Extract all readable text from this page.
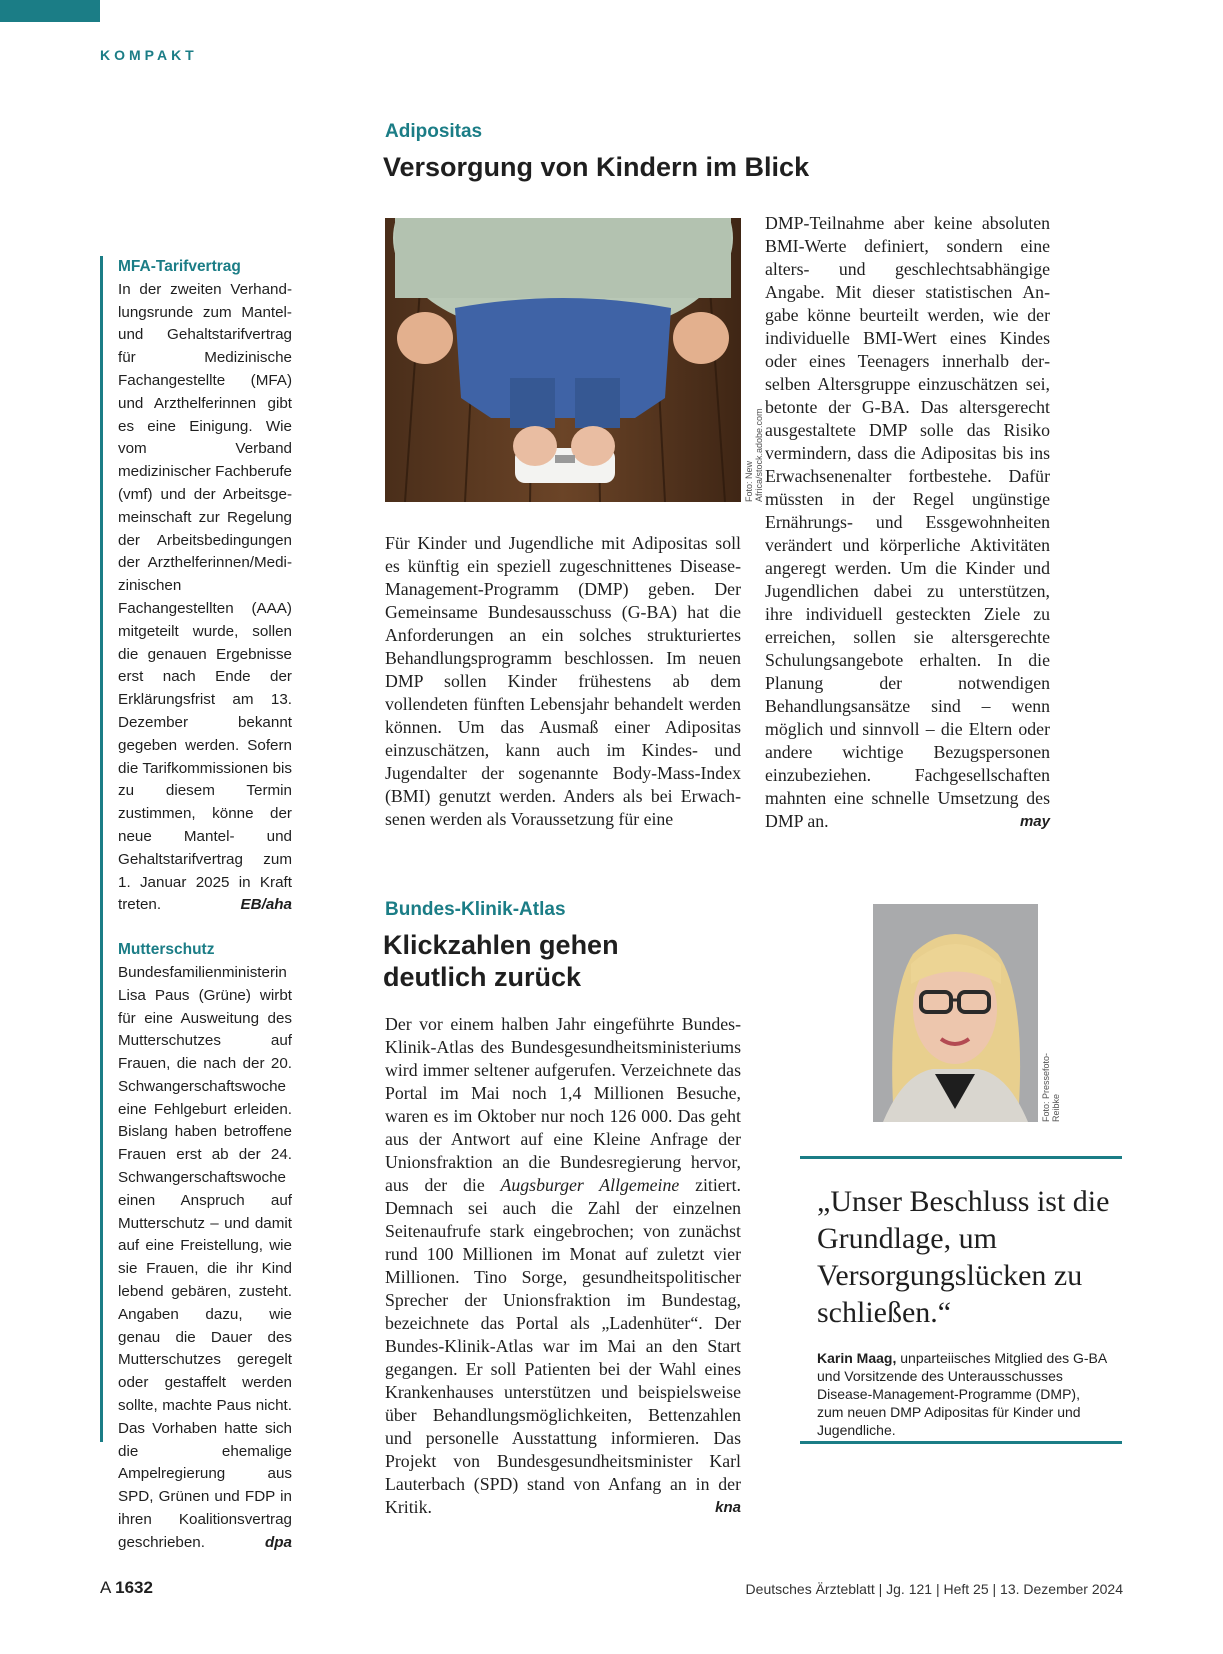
KOMPAKT
MFA-Tarifvertrag
In der zweiten Verhandlungsrunde zum Mantel- und Gehaltstarifvertrag für Medizinische Fachangestellte (MFA) und Arzthelferinnen gibt es eine Einigung. Wie vom Verband medizinischer Fachberufe (vmf) und der Arbeitsgemeinschaft zur Regelung der Arbeitsbedingungen der Arzthelferinnen/Medizinischen Fachangestellten (AAA) mitgeteilt wurde, sollen die genauen Ergebnisse erst nach Ende der Erklärungsfrist am 13. Dezember bekannt gegeben werden. Sofern die Tarifkommissionen bis zu diesem Termin zustimmen, könne der neue Mantel- und Gehaltstarifvertrag zum 1. Januar 2025 in Kraft treten.	EB/aha
Mutterschutz
Bundesfamilienministerin Lisa Paus (Grüne) wirbt für eine Ausweitung des Mutterschutzes auf Frauen, die nach der 20. Schwangerschaftswoche eine Fehlgeburt erleiden. Bislang haben betroffene Frauen erst ab der 24. Schwangerschaftswoche einen Anspruch auf Mutterschutz – und damit auf eine Freistellung, wie sie Frauen, die ihr Kind lebend gebären, zusteht. Angaben dazu, wie genau die Dauer des Mutterschutzes geregelt oder gestaffelt werden sollte, machte Paus nicht. Das Vorhaben hatte sich die ehemalige Ampelregierung aus SPD, Grünen und FDP in ihren Koalitionsvertrag geschrieben.	dpa
Adipositas
Versorgung von Kindern im Blick
Foto: New Africa/stock.adobe.com
Für Kinder und Jugendliche mit Adipositas soll es künftig ein speziell zugeschnittenes Disease-Management-Programm (DMP) geben. Der Gemeinsame Bundesausschuss (G-BA) hat die Anforderungen an ein solches strukturiertes Behandlungsprogramm beschlossen. Im neuen DMP sollen Kinder frühestens ab dem vollendeten fünften Lebensjahr behandelt werden können. Um das Ausmaß einer Adipositas einzuschätzen, kann auch im Kindes- und Jugendalter der sogenannte Body-Mass-Index (BMI) genutzt werden. Anders als bei Erwachsenen werden als Voraussetzung für eine
DMP-Teilnahme aber keine absoluten BMI-Werte definiert, sondern eine alters- und geschlechtsabhängige Angabe. Mit dieser statistischen Angabe könne beurteilt werden, wie der individuelle BMI-Wert eines Kindes oder eines Teenagers innerhalb derselben Altersgruppe einzuschätzen sei, betonte der G-BA. Das altersgerecht ausgestaltete DMP solle das Risiko vermindern, dass die Adipositas bis ins Erwachsenenalter fortbestehe. Dafür müssten in der Regel ungünstige Ernährungs- und Essgewohnheiten verändert und körperliche Aktivitäten angeregt werden. Um die Kinder und Jugendlichen dabei zu unterstützen, ihre individuell gesteckten Ziele zu erreichen, sollen sie altersgerechte Schulungsangebote erhalten. In die Planung der notwendigen Behandlungsansätze sind – wenn möglich und sinnvoll – die Eltern oder andere wichtige Bezugspersonen einzubeziehen. Fachgesellschaften mahnten eine schnelle Umsetzung des DMP an.	may
Bundes-Klinik-Atlas
Klickzahlen gehen deutlich zurück
Der vor einem halben Jahr eingeführte Bundes-Klinik-Atlas des Bundesgesundheitsministeriums wird immer seltener aufgerufen. Verzeichnete das Portal im Mai noch 1,4 Millionen Besuche, waren es im Oktober nur noch 126 000. Das geht aus der Antwort auf eine Kleine Anfrage der Unionsfraktion an die Bundesregierung hervor, aus der die Augsburger Allgemeine zitiert. Demnach sei auch die Zahl der einzelnen Seitenaufrufe stark eingebrochen; von zunächst rund 100 Millionen im Monat auf zuletzt vier Millionen. Tino Sorge, gesundheitspolitischer Sprecher der Unionsfraktion im Bundestag, bezeichnete das Portal als „Ladenhüter“. Der Bundes-Klinik-Atlas war im Mai an den Start gegangen. Er soll Patienten bei der Wahl eines Krankenhauses unterstützen und beispielsweise über Behandlungsmöglichkeiten, Bettenzahlen und personelle Ausstattung informieren. Das Projekt von Bundesgesundheitsminister Karl Lauterbach (SPD) stand von Anfang an in der Kritik.	kna
Foto: Pressefoto-Reibke
„Unser Beschluss ist die Grundlage, um Versorgungslücken zu schließen.“
Karin Maag, unparteiisches Mitglied des G-BA und Vorsitzende des Unterausschusses Disease-Management-Programme (DMP), zum neuen DMP Adipositas für Kinder und Jugendliche.
A 1632	Deutsches Ärzteblatt | Jg. 121 | Heft 25 | 13. Dezember 2024
